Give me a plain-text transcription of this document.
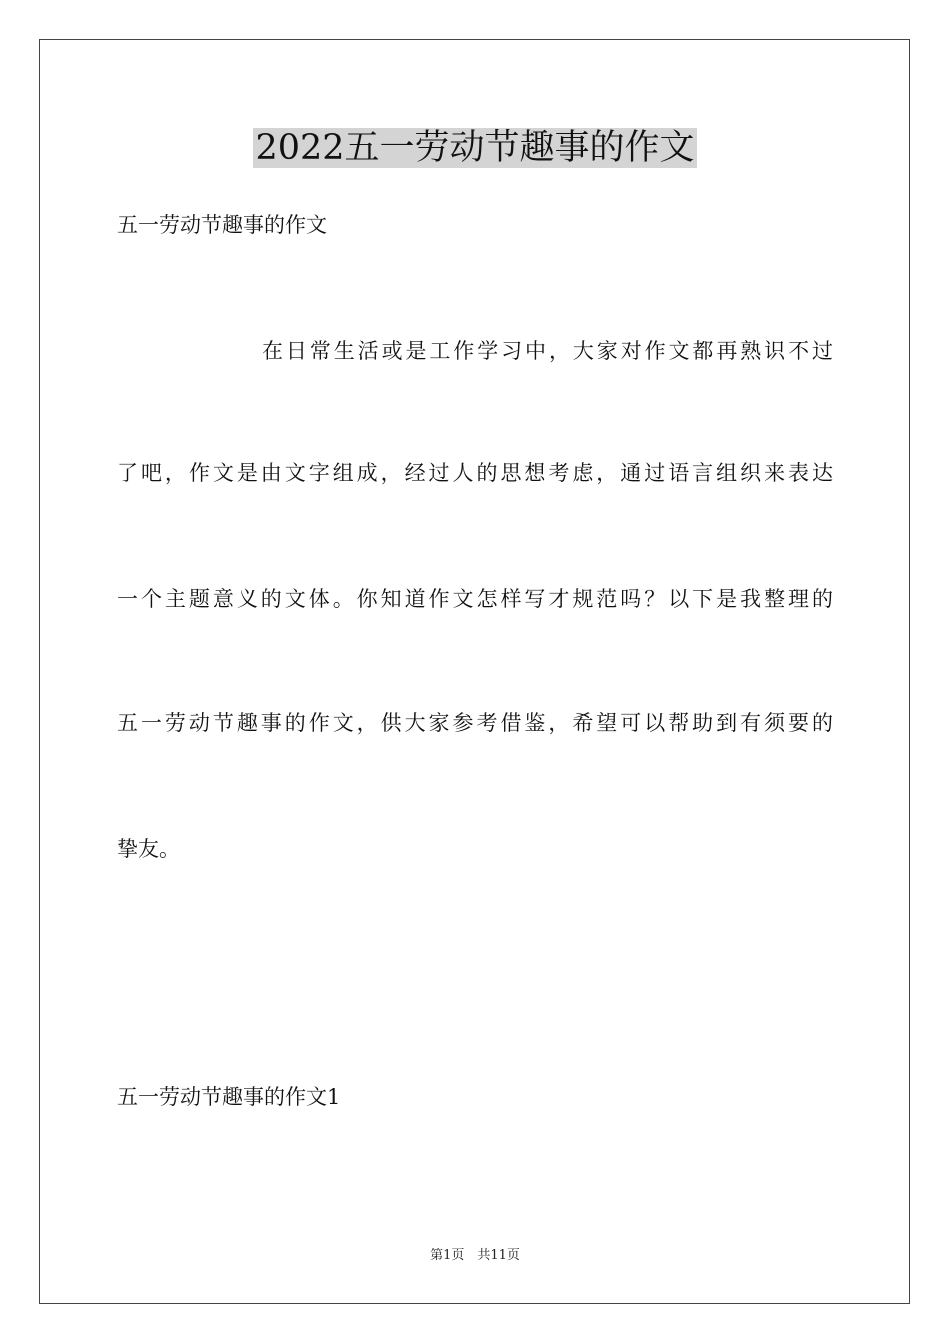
2022五一劳动节趣事的作文

五一劳动节趣事的作文

在日常生活或是工作学习中，大家对作文都再熟识不过

了吧，作文是由文字组成，经过人的思想考虑，通过语言组织来表达

一个主题意义的文体。你知道作文怎样写才规范吗？以下是我整理的

五一劳动节趣事的作文，供大家参考借鉴，希望可以帮助到有须要的

挚友。

五一劳动节趣事的作文1

第1页　共11页
